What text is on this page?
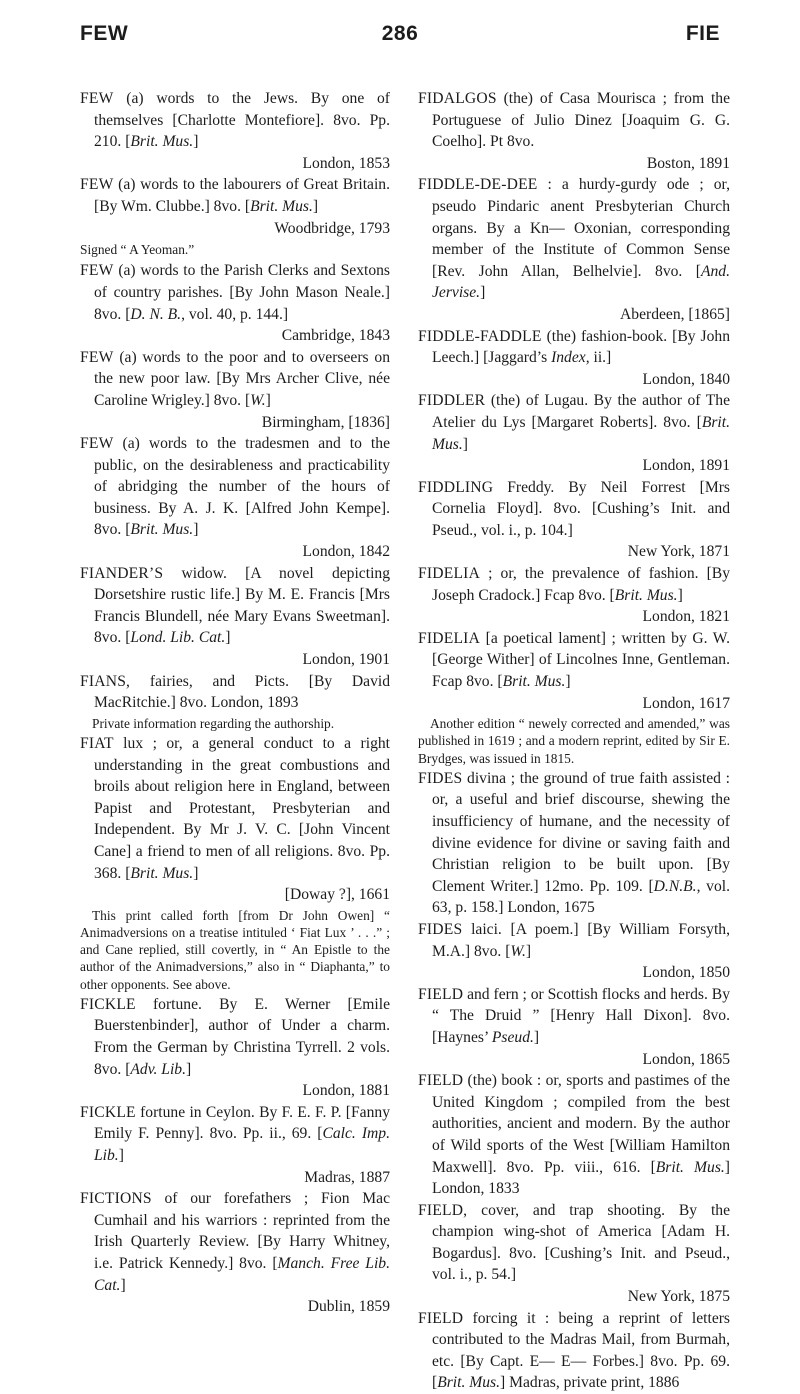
FEW	286	FIE

FEW (a) words to the Jews. By one of themselves [Charlotte Montefiore]. 8vo. Pp. 210. [Brit. Mus.]
London, 1853

FEW (a) words to the labourers of Great Britain. [By Wm. Clubbe.] 8vo. [Brit. Mus.]
Woodbridge, 1793

Signed “ A Yeoman.”

FEW (a) words to the Parish Clerks and Sextons of country parishes. [By John Mason Neale.] 8vo. [D. N. B., vol. 40, p. 144.]
Cambridge, 1843

FEW (a) words to the poor and to overseers on the new poor law. [By Mrs Archer Clive, née Caroline Wrigley.] 8vo. [W.]
Birmingham, [1836]

FEW (a) words to the tradesmen and to the public, on the desirableness and practicability of abridging the number of the hours of business. By A. J. K. [Alfred John Kempe]. 8vo. [Brit. Mus.]
London, 1842

FIANDER’S widow. [A novel depicting Dorsetshire rustic life.] By M. E. Francis [Mrs Francis Blundell, née Mary Evans Sweetman]. 8vo. [Lond. Lib. Cat.]
London, 1901

FIANS, fairies, and Picts. [By David MacRitchie.] 8vo. London, 1893

Private information regarding the authorship.

FIAT lux ; or, a general conduct to a right understanding in the great combustions and broils about religion here in England, between Papist and Protestant, Presbyterian and Independent. By Mr J. V. C. [John Vincent Cane] a friend to men of all religions. 8vo. Pp. 368. [Brit. Mus.]
[Doway ?], 1661

This print called forth [from Dr John Owen] “ Animadversions on a treatise intituled ‘ Fiat Lux ’ . . .” ; and Cane replied, still covertly, in “ An Epistle to the author of the Animadversions,” also in “ Diaphanta,” to other opponents. See above.

FICKLE fortune. By E. Werner [Emile Buerstenbinder], author of Under a charm. From the German by Christina Tyrrell. 2 vols. 8vo. [Adv. Lib.]
London, 1881

FICKLE fortune in Ceylon. By F. E. F. P. [Fanny Emily F. Penny]. 8vo. Pp. ii., 69. [Calc. Imp. Lib.]
Madras, 1887

FICTIONS of our forefathers ; Fion Mac Cumhail and his warriors : reprinted from the Irish Quarterly Review. [By Harry Whitney, i.e. Patrick Kennedy.] 8vo. [Manch. Free Lib. Cat.]
Dublin, 1859

FIDALGOS (the) of Casa Mourisca ; from the Portuguese of Julio Dinez [Joaquim G. G. Coelho]. Pt 8vo.
Boston, 1891

FIDDLE-DE-DEE : a hurdy-gurdy ode ; or, pseudo Pindaric anent Presbyterian Church organs. By a Kn— Oxonian, corresponding member of the Institute of Common Sense [Rev. John Allan, Belhelvie]. 8vo. [And. Jervise.]
Aberdeen, [1865]

FIDDLE-FADDLE (the) fashion-book. [By John Leech.] [Jaggard’s Index, ii.]
London, 1840

FIDDLER (the) of Lugau. By the author of The Atelier du Lys [Margaret Roberts]. 8vo. [Brit. Mus.]
London, 1891

FIDDLING Freddy. By Neil Forrest [Mrs Cornelia Floyd]. 8vo. [Cushing’s Init. and Pseud., vol. i., p. 104.]
New York, 1871

FIDELIA ; or, the prevalence of fashion. [By Joseph Cradock.] Fcap 8vo. [Brit. Mus.]
London, 1821

FIDELIA [a poetical lament] ; written by G. W. [George Wither] of Lincolnes Inne, Gentleman. Fcap 8vo. [Brit. Mus.]
London, 1617

Another edition “ newely corrected and amended,” was published in 1619 ; and a modern reprint, edited by Sir E. Brydges, was issued in 1815.

FIDES divina ; the ground of true faith assisted : or, a useful and brief discourse, shewing the insufficiency of humane, and the necessity of divine evidence for divine or saving faith and Christian religion to be built upon. [By Clement Writer.] 12mo. Pp. 109. [D.N.B., vol. 63, p. 158.] London, 1675

FIDES laici. [A poem.] [By William Forsyth, M.A.] 8vo. [W.]
London, 1850

FIELD and fern ; or Scottish flocks and herds. By “ The Druid ” [Henry Hall Dixon]. 8vo. [Haynes’ Pseud.]
London, 1865

FIELD (the) book : or, sports and pastimes of the United Kingdom ; compiled from the best authorities, ancient and modern. By the author of Wild sports of the West [William Hamilton Maxwell]. 8vo. Pp. viii., 616. [Brit. Mus.] London, 1833

FIELD, cover, and trap shooting. By the champion wing-shot of America [Adam H. Bogardus]. 8vo. [Cushing’s Init. and Pseud., vol. i., p. 54.]
New York, 1875

FIELD forcing it : being a reprint of letters contributed to the Madras Mail, from Burmah, etc. [By Capt. E— E— Forbes.] 8vo. Pp. 69. [Brit. Mus.] Madras, private print, 1886
